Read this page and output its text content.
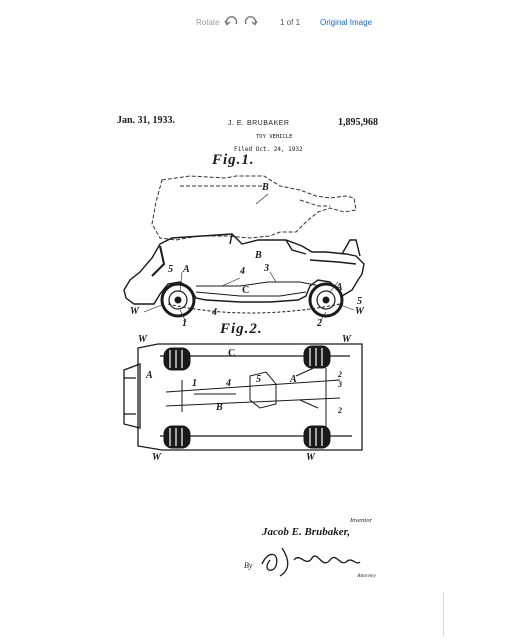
Rotate	1 of 1 Original Image
Jan. 31, 1933.	J. E. BRUBAKER	1,895,968
TOY VEHICLE
Filed Oct. 24, 1932
Fig.1.
Fig.2.
B
B
C
5 A	4 3
A
5
W	4
1	2
W
W
C
W
A
1	4	5	A	2
3
B	2
W	W
Inventor
Jacob E. Brubaker,
By
Attorney
